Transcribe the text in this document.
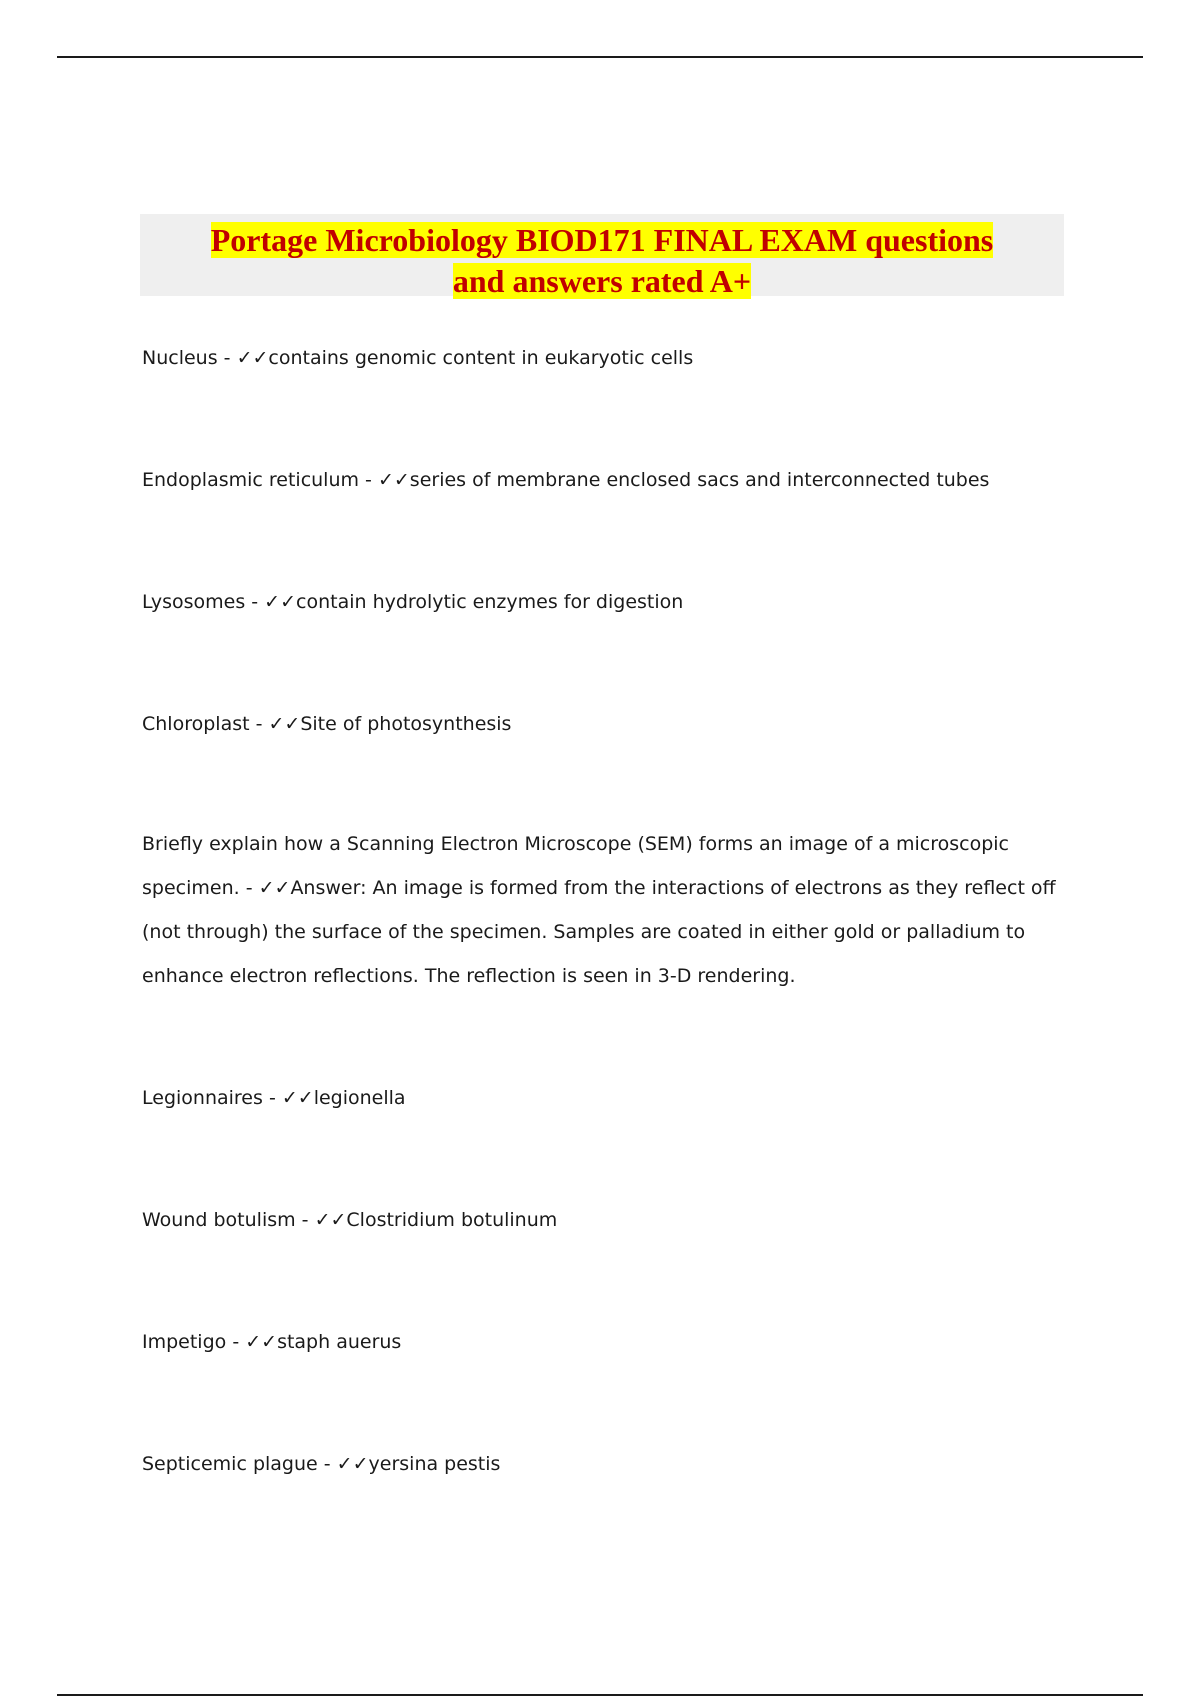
Portage Microbiology BIOD171 FINAL EXAM questions
and answers rated A+

Nucleus - ✓✓contains genomic content in eukaryotic cells

Endoplasmic reticulum - ✓✓series of membrane enclosed sacs and interconnected tubes

Lysosomes - ✓✓contain hydrolytic enzymes for digestion

Chloroplast - ✓✓Site of photosynthesis

Briefly explain how a Scanning Electron Microscope (SEM) forms an image of a microscopic specimen. - ✓✓Answer: An image is formed from the interactions of electrons as they reflect off (not through) the surface of the specimen. Samples are coated in either gold or palladium to enhance electron reflections. The reflection is seen in 3-D rendering.

Legionnaires - ✓✓legionella

Wound botulism - ✓✓Clostridium botulinum

Impetigo - ✓✓staph auerus

Septicemic plague - ✓✓yersina pestis
